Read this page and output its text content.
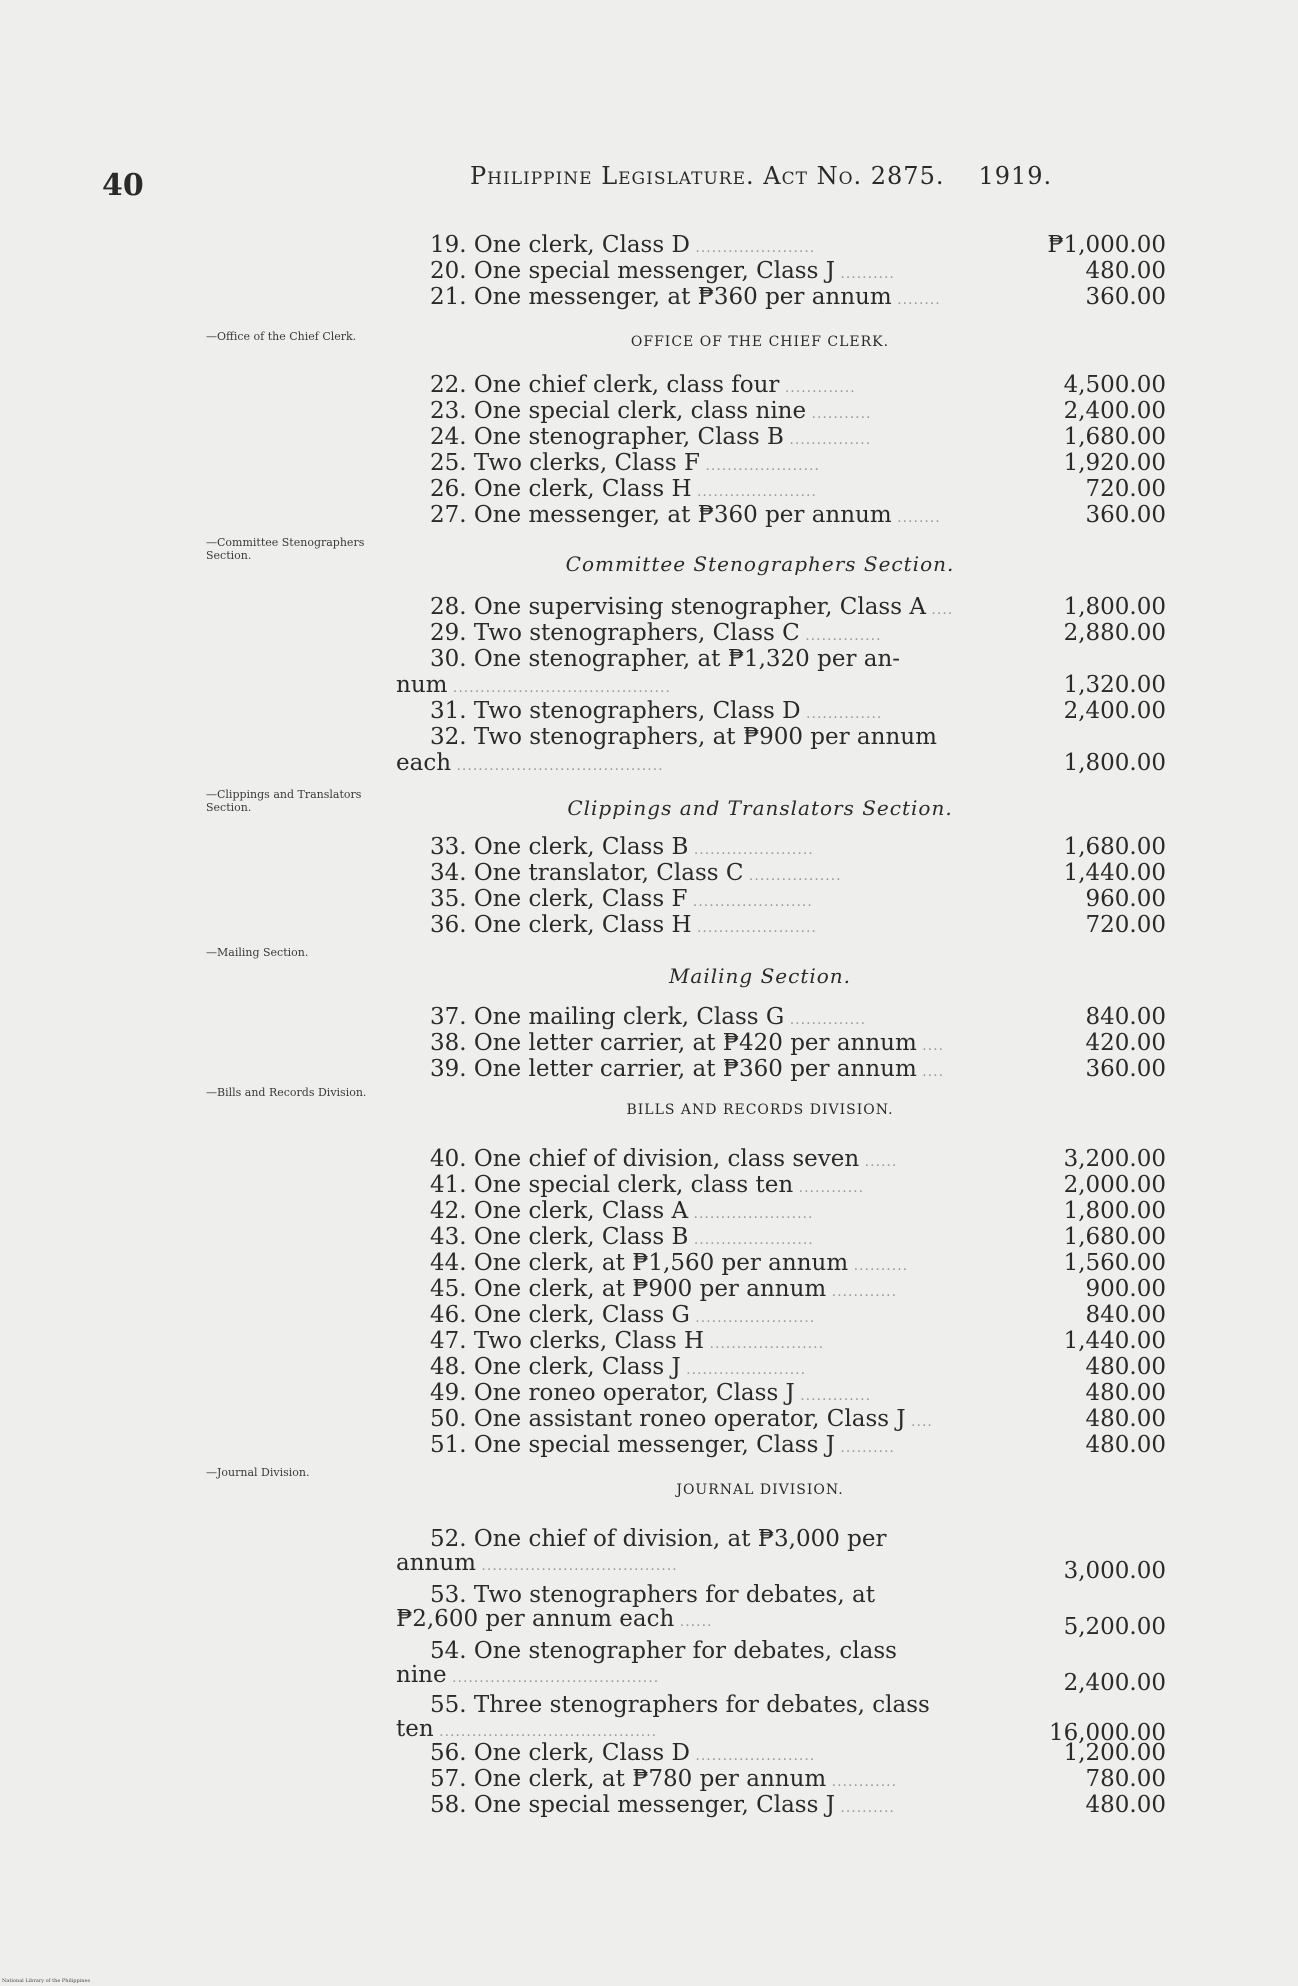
40	Philippine Legislature. Act No. 2875. 1919.
OFFICE OF THE CHIEF CLERK.
—Office of the Chief Clerk.
Committee Stenographers Section.
—Committee Stenographers Section.
Clippings and Translators Section.
—Clippings and Translators Section.
Mailing Section.
—Mailing Section.
BILLS AND RECORDS DIVISION.
—Bills and Records Division.
JOURNAL DIVISION.
—Journal Division.
19. One clerk, Class D ......................	₱1,000.00
20. One special messenger, Class J ..........	480.00
21. One messenger, at ₱360 per annum ........	360.00
22. One chief clerk, class four .............	4,500.00
23. One special clerk, class nine ...........	2,400.00
24. One stenographer, Class B ...............	1,680.00
25. Two clerks, Class F .....................	1,920.00
26. One clerk, Class H ......................	720.00
27. One messenger, at ₱360 per annum ........	360.00
28. One supervising stenographer, Class A ....	1,800.00
29. Two stenographers, Class C ..............	2,880.00
30. One stenographer, at ₱1,320 per an-
num ........................................	1,320.00
31. Two stenographers, Class D ..............	2,400.00
32. Two stenographers, at ₱900 per annum
each ......................................	1,800.00
33. One clerk, Class B ......................	1,680.00
34. One translator, Class C .................	1,440.00
35. One clerk, Class F ......................	960.00
36. One clerk, Class H ......................	720.00
37. One mailing clerk, Class G ..............	840.00
38. One letter carrier, at ₱420 per annum ....	420.00
39. One letter carrier, at ₱360 per annum ....	360.00
40. One chief of division, class seven ......	3,200.00
41. One special clerk, class ten ............	2,000.00
42. One clerk, Class A ......................	1,800.00
43. One clerk, Class B ......................	1,680.00
44. One clerk, at ₱1,560 per annum ..........	1,560.00
45. One clerk, at ₱900 per annum ............	900.00
46. One clerk, Class G ......................	840.00
47. Two clerks, Class H .....................	1,440.00
48. One clerk, Class J ......................	480.00
49. One roneo operator, Class J .............	480.00
50. One assistant roneo operator, Class J ....	480.00
51. One special messenger, Class J ..........	480.00
52. One chief of division, at ₱3,000 per
annum ....................................	3,000.00
53. Two stenographers for debates, at
₱2,600 per annum each ......	5,200.00
54. One stenographer for debates, class
nine ......................................	2,400.00
55. Three stenographers for debates, class
ten ........................................	16,000.00
56. One clerk, Class D ......................	1,200.00
57. One clerk, at ₱780 per annum ............	780.00
58. One special messenger, Class J ..........	480.00
National Library of the Philippines
